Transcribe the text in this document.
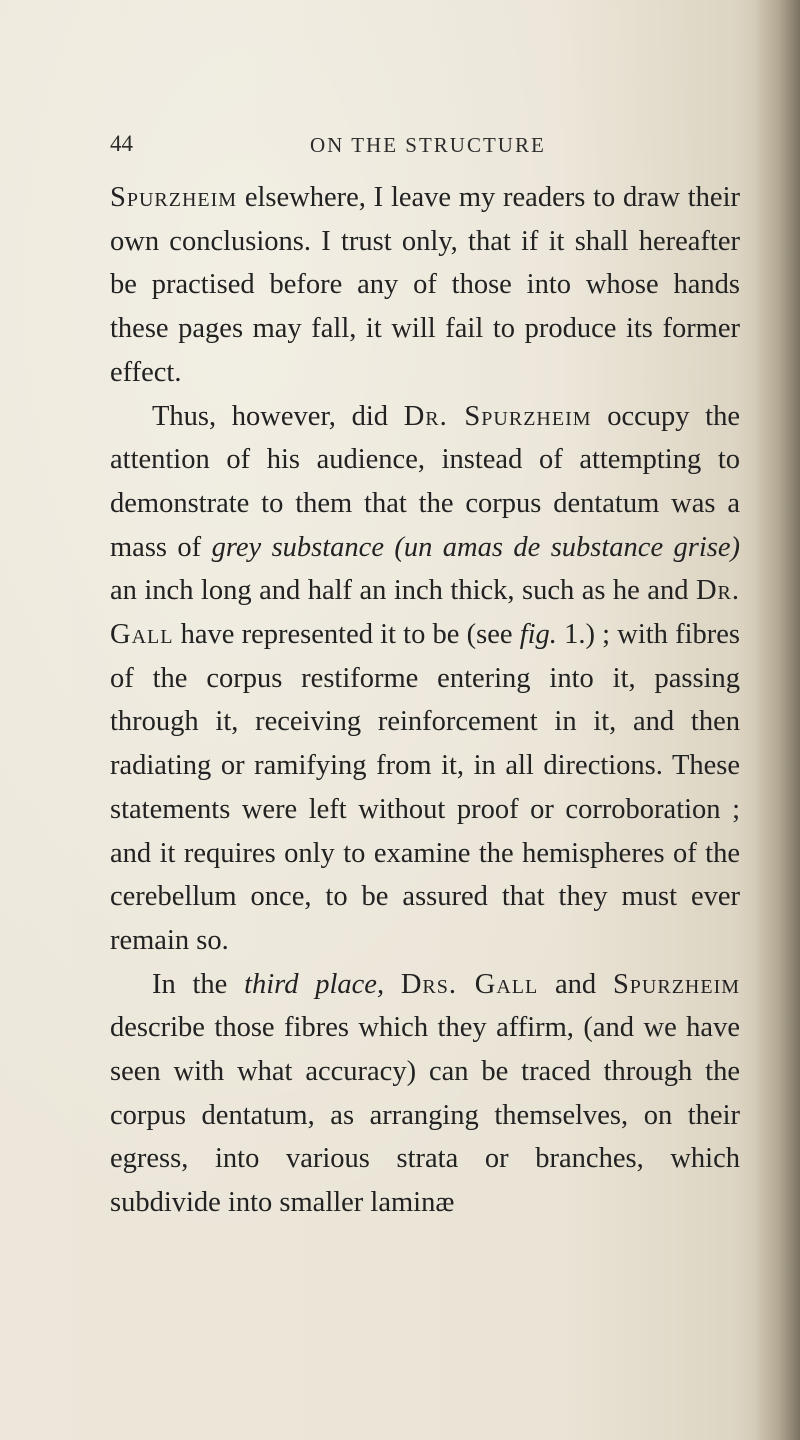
44	ON THE STRUCTURE

Spurzheim elsewhere, I leave my readers to draw their own conclusions. I trust only, that if it shall hereafter be practised before any of those into whose hands these pages may fall, it will fail to produce its former effect.

Thus, however, did Dr. Spurzheim occupy the attention of his audience, instead of attempting to demonstrate to them that the corpus dentatum was a mass of grey substance (un amas de substance grise) an inch long and half an inch thick, such as he and Dr. Gall have represented it to be (see fig. 1.) ; with fibres of the corpus restiforme entering into it, passing through it, receiving reinforcement in it, and then radiating or ramifying from it, in all directions. These statements were left without proof or corroboration ; and it requires only to examine the hemispheres of the cerebellum once, to be assured that they must ever remain so.

In the third place, Drs. Gall and Spurzheim describe those fibres which they affirm, (and we have seen with what accuracy) can be traced through the corpus dentatum, as arranging themselves, on their egress, into various strata or branches, which subdivide into smaller laminæ
